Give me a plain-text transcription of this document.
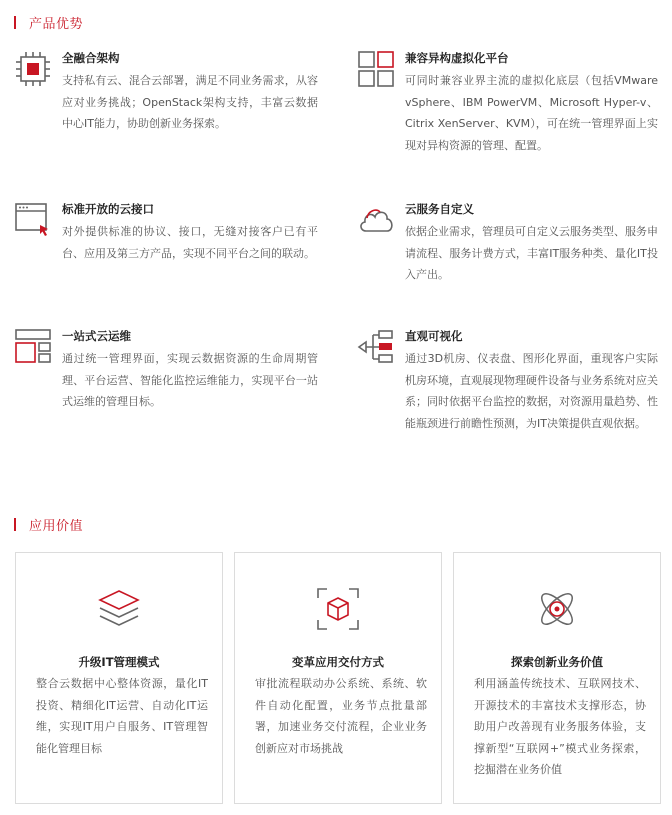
产品优势
全融合架构
支持私有云、混合云部署，满足不同业务需求，从容应对业务挑战；OpenStack架构支持，丰富云数据中心IT能力，协助创新业务探索。
兼容异构虚拟化平台
可同时兼容业界主流的虚拟化底层（包括VMware vSphere、IBM PowerVM、Microsoft Hyper-v、Citrix XenServer、KVM），可在统一管理界面上实现对异构资源的管理、配置。
标准开放的云接口
对外提供标准的协议、接口，无缝对接客户已有平台、应用及第三方产品，实现不同平台之间的联动。
云服务自定义
依据企业需求，管理员可自定义云服务类型、服务申请流程、服务计费方式，丰富IT服务种类、量化IT投入产出。
一站式云运维
通过统一管理界面，实现云数据资源的生命周期管理、平台运营、智能化监控运维能力，实现平台一站式运维的管理目标。
直观可视化
通过3D机房、仪表盘、图形化界面，重现客户实际机房环境，直观展现物理硬件设备与业务系统对应关系；同时依据平台监控的数据，对资源用量趋势、性能瓶颈进行前瞻性预测，为IT决策提供直观依据。
应用价值
升级IT管理模式
整合云数据中心整体资源，量化IT投资、精细化IT运营、自动化IT运维，实现IT用户自服务、IT管理智能化管理目标
变革应用交付方式
审批流程联动办公系统、系统、软件自动化配置，业务节点批量部署，加速业务交付流程，企业业务创新应对市场挑战
探索创新业务价值
利用涵盖传统技术、互联网技术、开源技术的丰富技术支撑形态，协助用户改善现有业务服务体验，支撑新型“互联网+”模式业务探索，挖掘潜在业务价值
